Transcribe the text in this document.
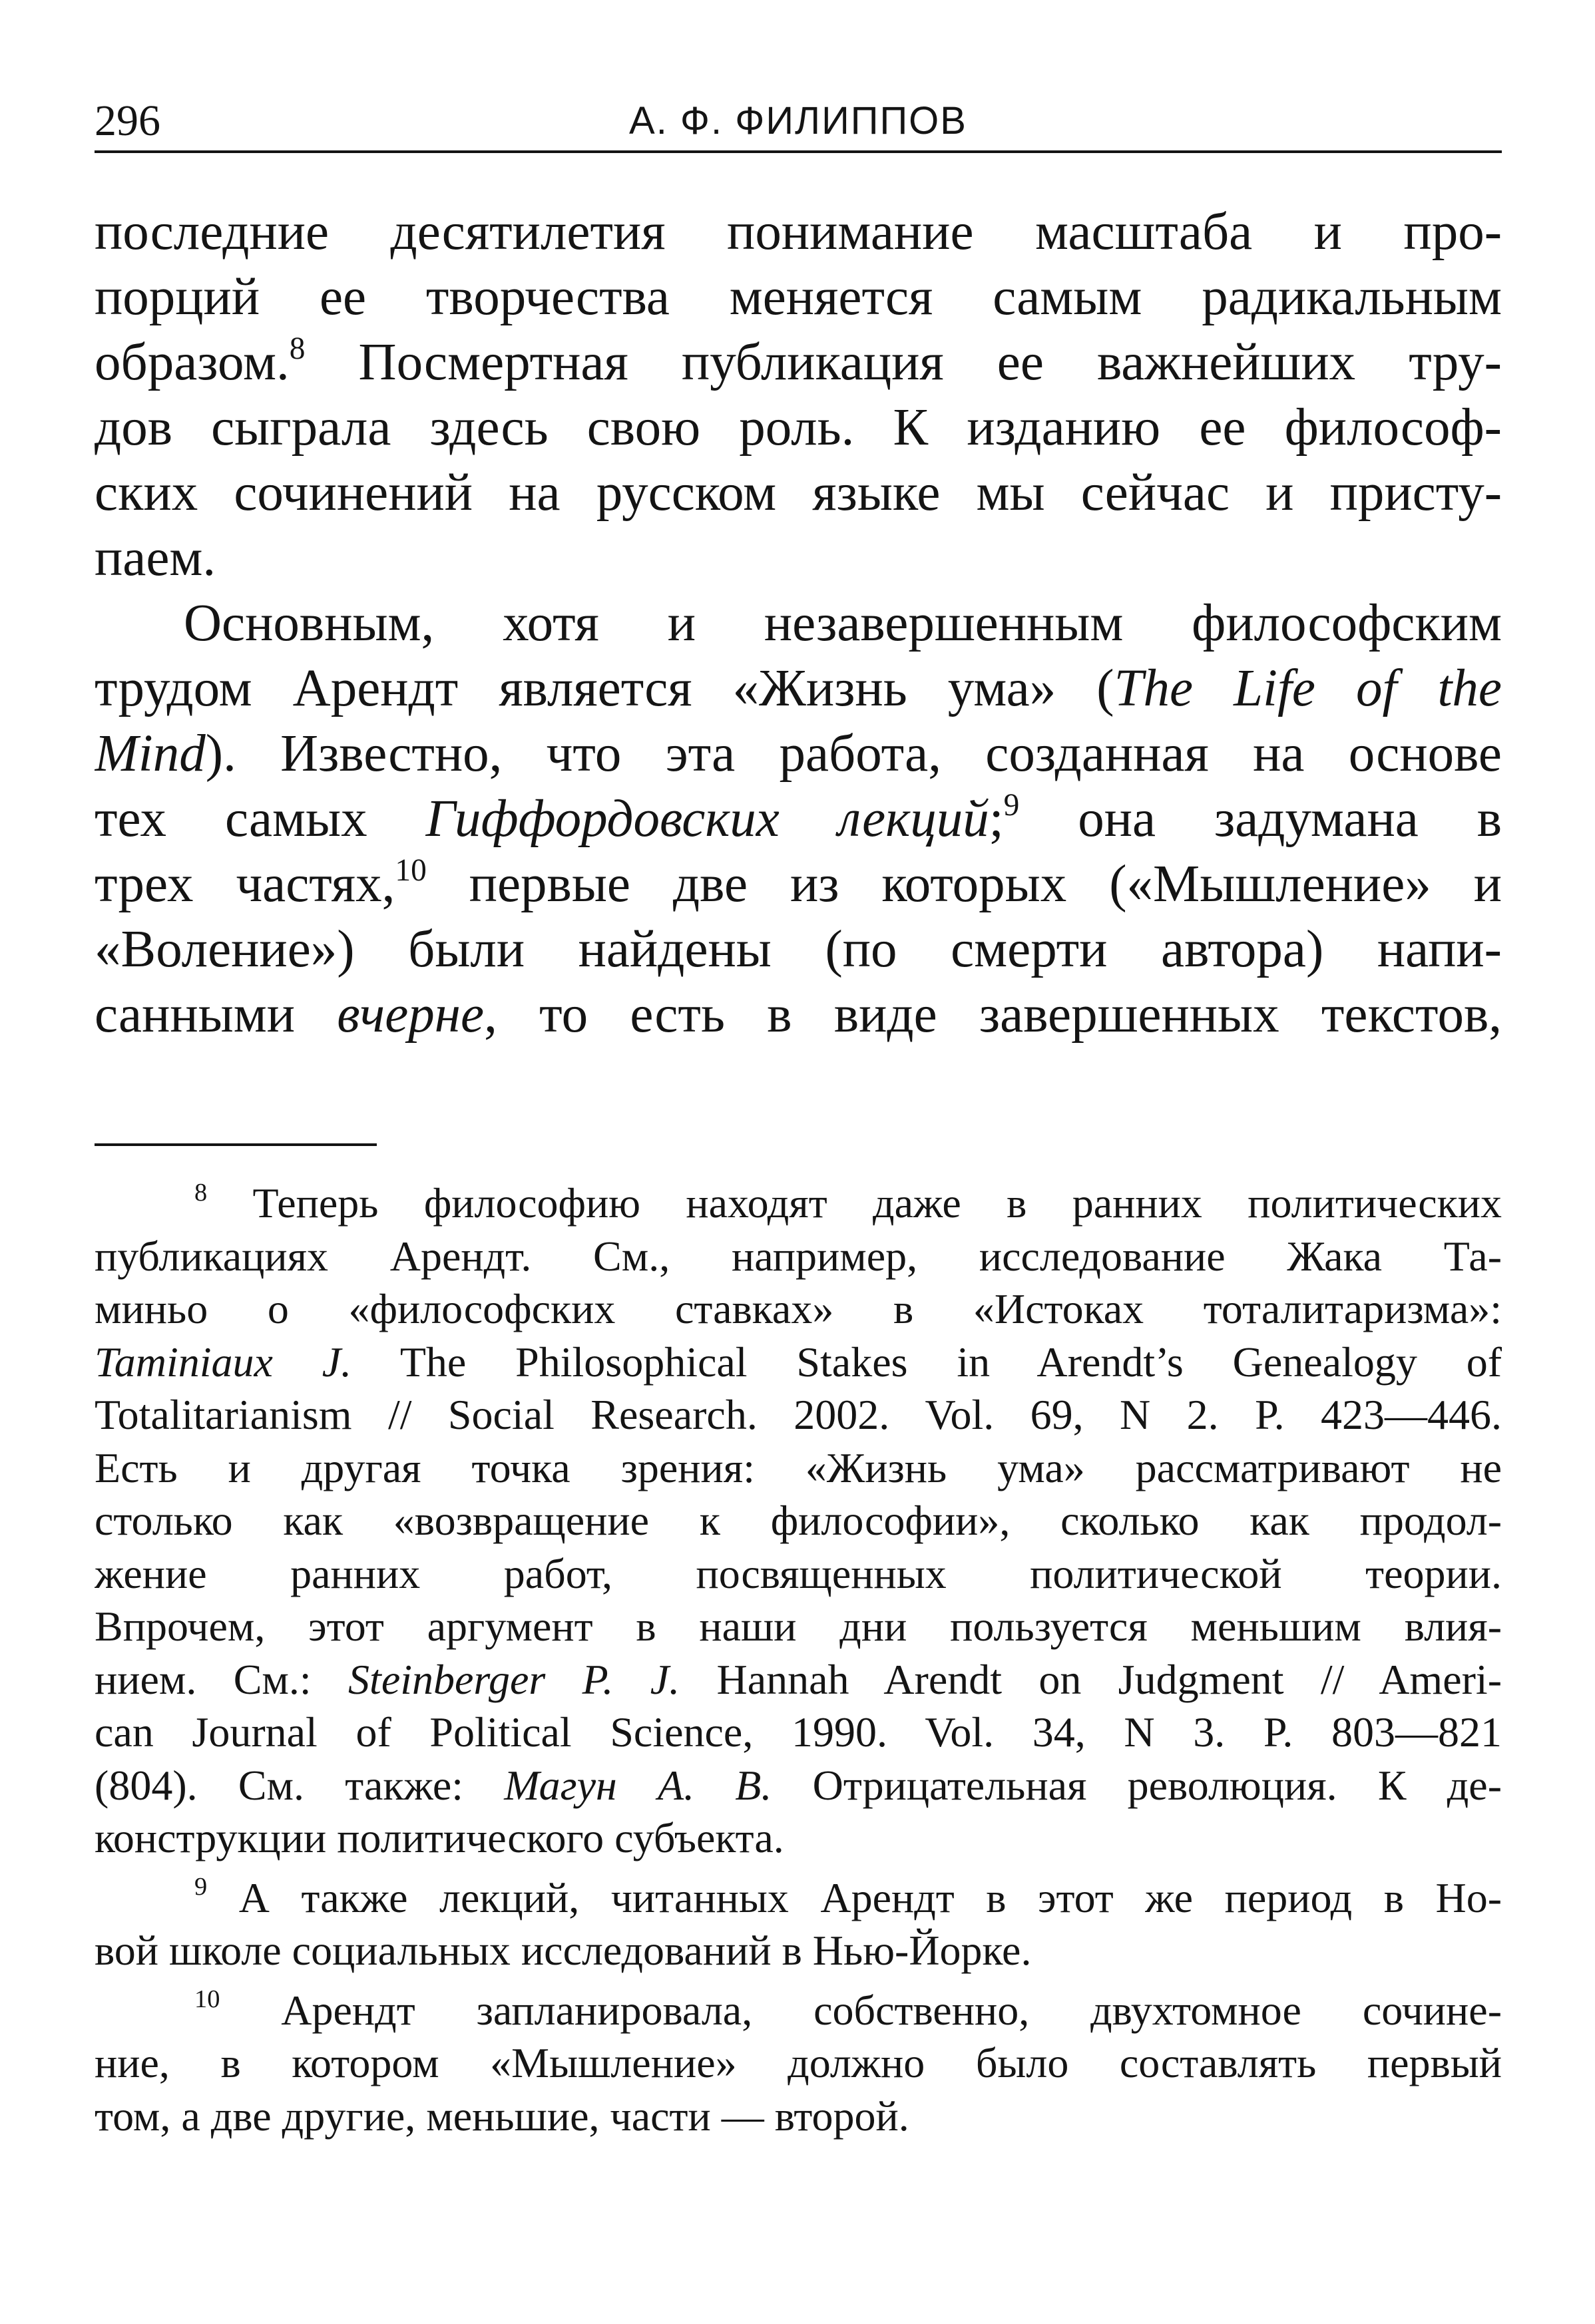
296	А. Ф. ФИЛИППОВ
последние десятилетия понимание масштаба и про-
порций ее творчества меняется самым радикальным
образом.$^8$ Посмертная публикация ее важнейших тру-
дов сыграла здесь свою роль. К изданию ее философ-
ских сочинений на русском языке мы сейчас и присту-
паем.
Основным, хотя и незавершенным философским
трудом Арендт является «Жизнь ума» (The Life of the
Mind). Известно, что эта работа, созданная на основе
тех самых Гиффордовских лекций;$^9$ она задумана в
трех частях,$^{10}$ первые две из которых («Мышление» и
«Воление») были найдены (по смерти автора) напи-
санными вчерне, то есть в виде завершенных текстов,
$^8$ Теперь философию находят даже в ранних политических
публикациях Арендт. См., например, исследование Жака Та-
миньо о «философских ставках» в «Истоках тоталитаризма»:
Taminiaux J. The Philosophical Stakes in Arendt’s Genealogy of
Totalitarianism // Social Research. 2002. Vol. 69, N 2. P. 423—446.
Есть и другая точка зрения: «Жизнь ума» рассматривают не
столько как «возвращение к философии», сколько как продол-
жение ранних работ, посвященных политической теории.
Впрочем, этот аргумент в наши дни пользуется меньшим влия-
нием. См.: Steinberger P. J. Hannah Arendt on Judgment // Ameri-
can Journal of Political Science, 1990. Vol. 34, N 3. P. 803—821
(804). См. также: Магун А. В. Отрицательная революция. К де-
конструкции политического субъекта.
$^9$ А также лекций, читанных Арендт в этот же период в Но-
вой школе социальных исследований в Нью-Йорке.
$^{10}$ Арендт запланировала, собственно, двухтомное сочине-
ние, в котором «Мышление» должно было составлять первый
том, а две другие, меньшие, части — второй.
